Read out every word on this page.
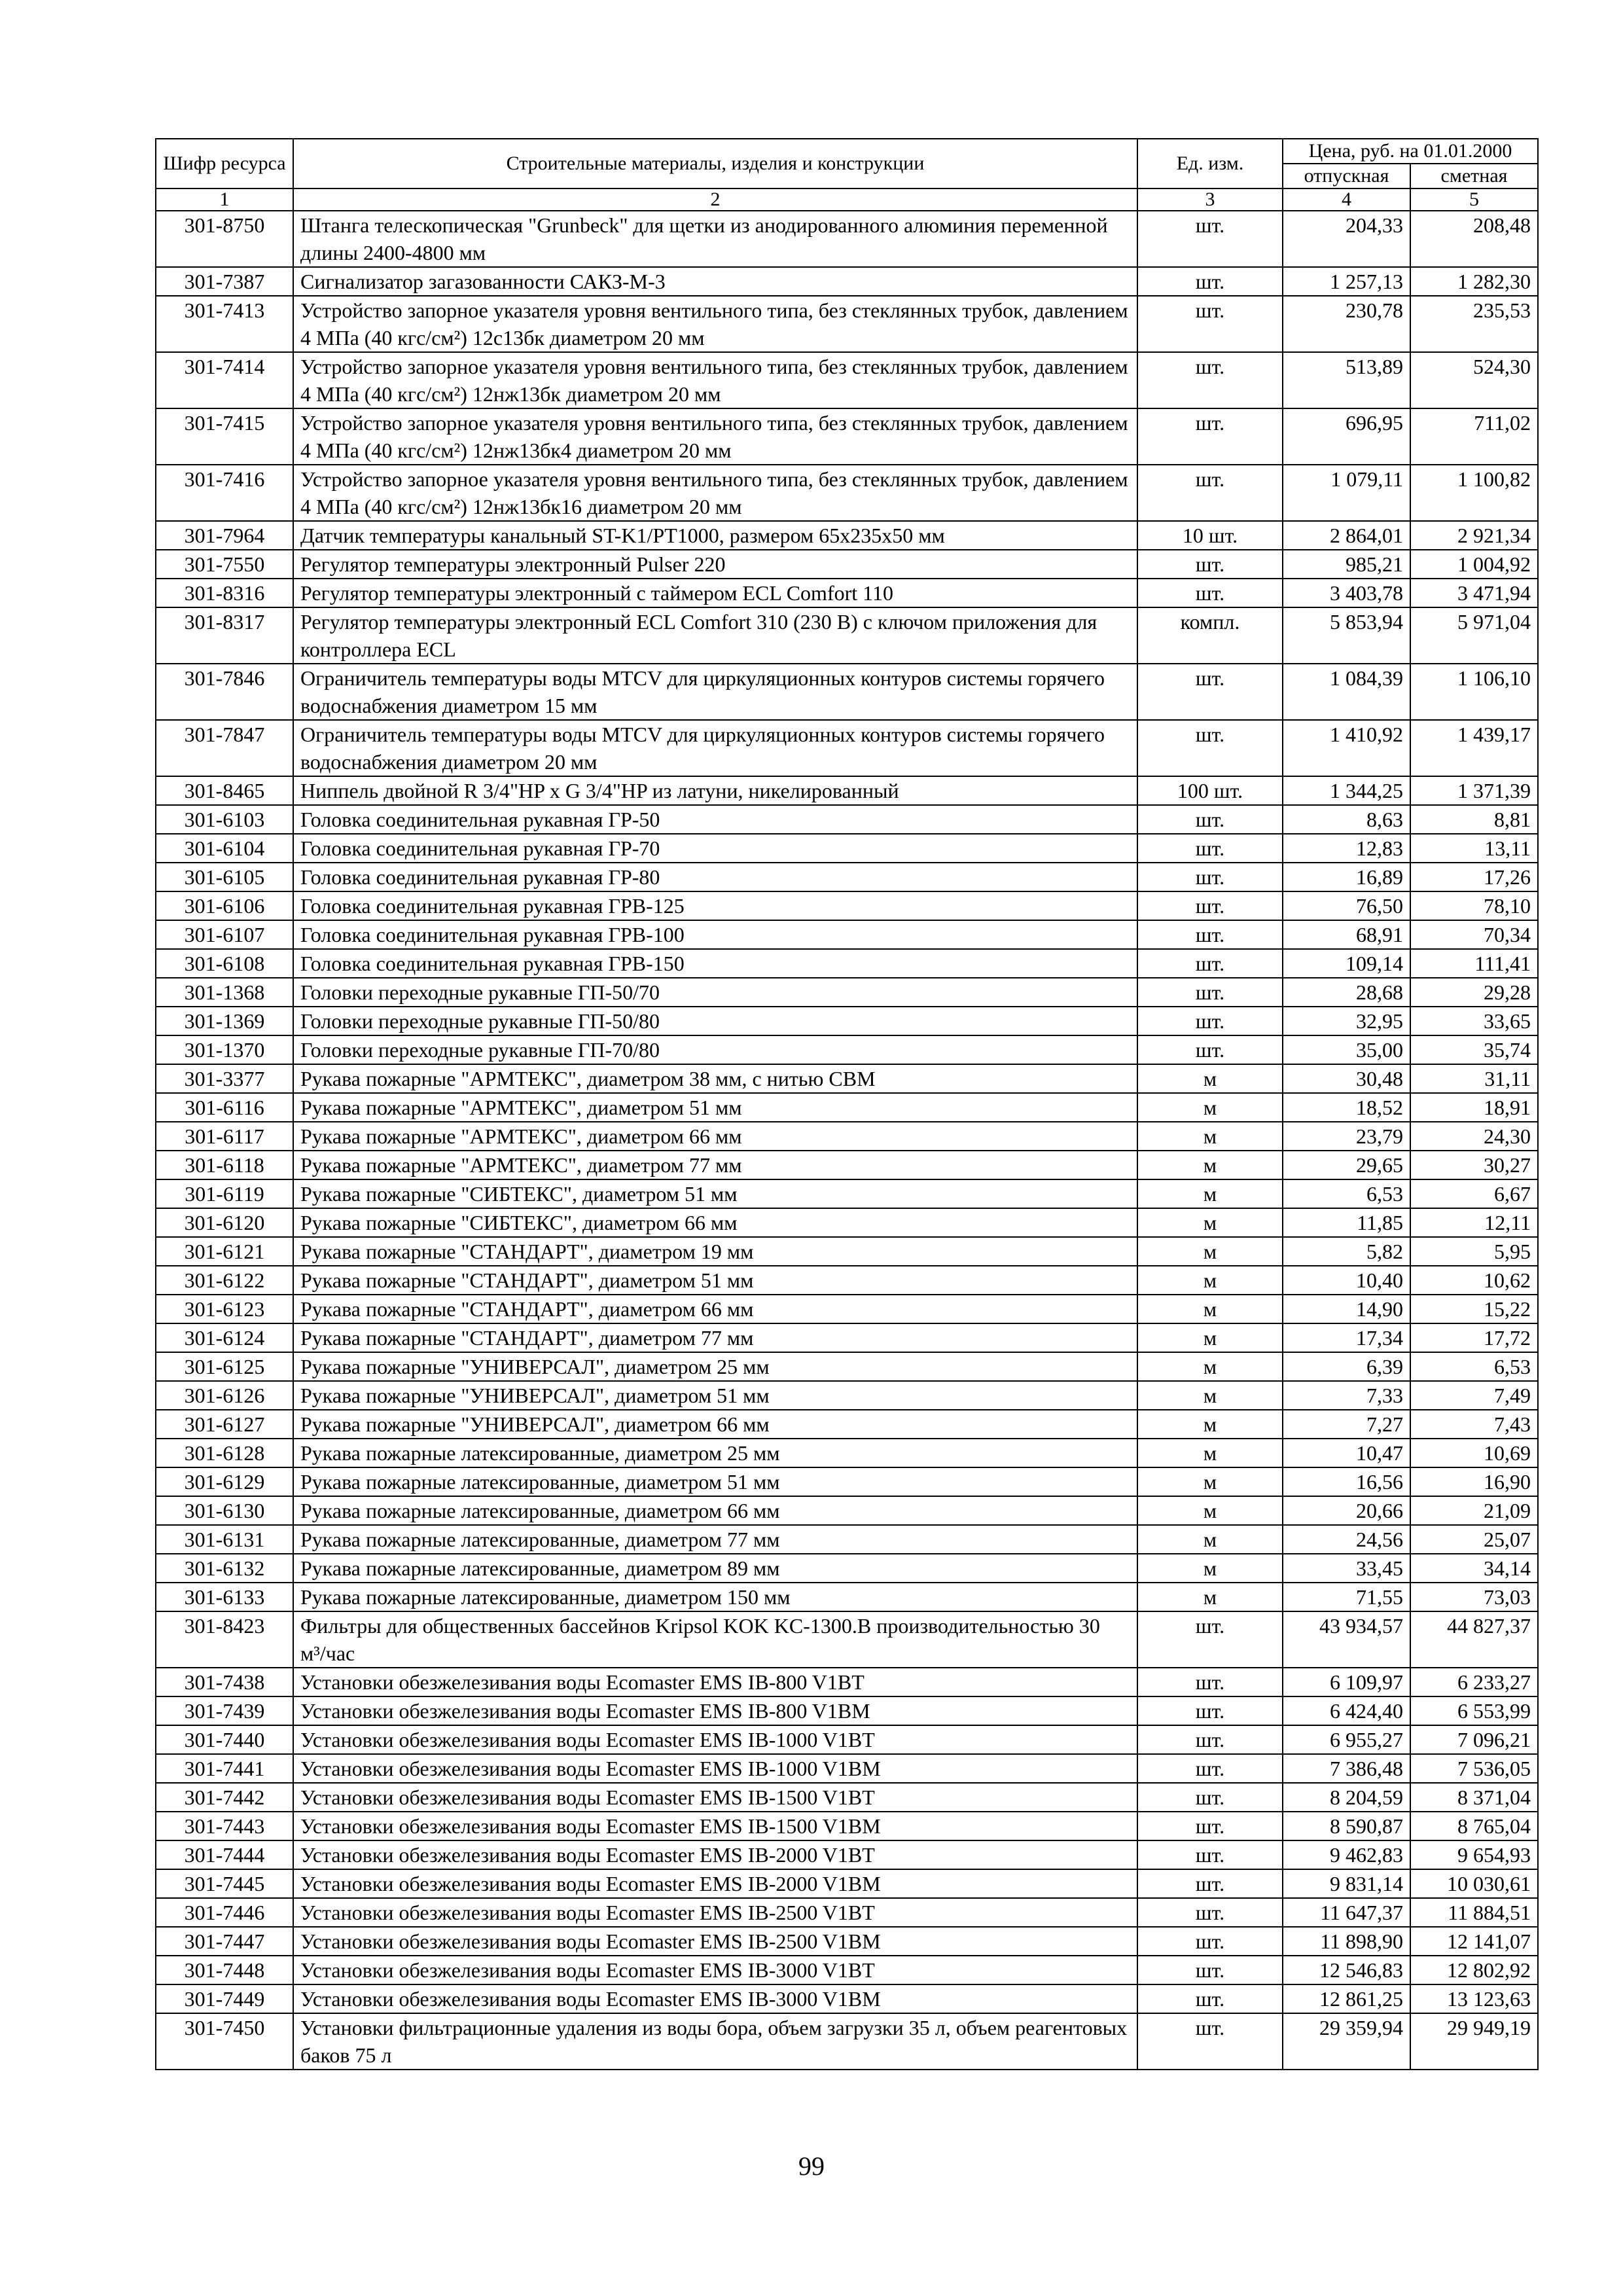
Шифр ресурса	Строительные материалы, изделия и конструкции	Ед. изм.	Цена, руб. на 01.01.2000	
			отпускная	сметная
1	2	3	4	5
301-8750	Штанга телескопическая "Grunbeck" для щетки из анодированного алюминия переменной длины 2400-4800 мм	шт.	204,33	208,48
301-7387	Сигнализатор загазованности САКЗ-М-3	шт.	1 257,13	1 282,30
301-7413	Устройство запорное указателя уровня вентильного типа, без стеклянных трубок, давлением 4 МПа (40 кгс/см²) 12с13бк диаметром 20 мм	шт.	230,78	235,53
301-7414	Устройство запорное указателя уровня вентильного типа, без стеклянных трубок, давлением 4 МПа (40 кгс/см²) 12нж13бк диаметром 20 мм	шт.	513,89	524,30
301-7415	Устройство запорное указателя уровня вентильного типа, без стеклянных трубок, давлением 4 МПа (40 кгс/см²) 12нж13бк4 диаметром 20 мм	шт.	696,95	711,02
301-7416	Устройство запорное указателя уровня вентильного типа, без стеклянных трубок, давлением 4 МПа (40 кгс/см²) 12нж13бк16 диаметром 20 мм	шт.	1 079,11	1 100,82
301-7964	Датчик температуры канальный ST-K1/PT1000, размером 65x235x50 мм	10 шт.	2 864,01	2 921,34
301-7550	Регулятор температуры электронный Pulser 220	шт.	985,21	1 004,92
301-8316	Регулятор температуры электронный с таймером ECL Comfort 110	шт.	3 403,78	3 471,94
301-8317	Регулятор температуры электронный ECL Comfort 310 (230 В) с ключом приложения для контроллера ECL	компл.	5 853,94	5 971,04
301-7846	Ограничитель температуры воды MTCV для циркуляционных контуров системы горячего водоснабжения диаметром 15 мм	шт.	1 084,39	1 106,10
301-7847	Ограничитель температуры воды MTCV для циркуляционных контуров системы горячего водоснабжения диаметром 20 мм	шт.	1 410,92	1 439,17
301-8465	Ниппель двойной R 3/4"HP x G 3/4"HP из латуни, никелированный	100 шт.	1 344,25	1 371,39
301-6103	Головка соединительная рукавная ГР-50	шт.	8,63	8,81
301-6104	Головка соединительная рукавная ГР-70	шт.	12,83	13,11
301-6105	Головка соединительная рукавная ГР-80	шт.	16,89	17,26
301-6106	Головка соединительная рукавная ГРВ-125	шт.	76,50	78,10
301-6107	Головка соединительная рукавная ГРВ-100	шт.	68,91	70,34
301-6108	Головка соединительная рукавная ГРВ-150	шт.	109,14	111,41
301-1368	Головки переходные рукавные ГП-50/70	шт.	28,68	29,28
301-1369	Головки переходные рукавные ГП-50/80	шт.	32,95	33,65
301-1370	Головки переходные рукавные ГП-70/80	шт.	35,00	35,74
301-3377	Рукава пожарные "АРМТЕКС", диаметром 38 мм, с нитью СВМ	м	30,48	31,11
301-6116	Рукава пожарные "АРМТЕКС", диаметром 51 мм	м	18,52	18,91
301-6117	Рукава пожарные "АРМТЕКС", диаметром 66 мм	м	23,79	24,30
301-6118	Рукава пожарные "АРМТЕКС", диаметром 77 мм	м	29,65	30,27
301-6119	Рукава пожарные "СИБТЕКС", диаметром 51 мм	м	6,53	6,67
301-6120	Рукава пожарные "СИБТЕКС", диаметром 66 мм	м	11,85	12,11
301-6121	Рукава пожарные "СТАНДАРТ", диаметром 19 мм	м	5,82	5,95
301-6122	Рукава пожарные "СТАНДАРТ", диаметром 51 мм	м	10,40	10,62
301-6123	Рукава пожарные "СТАНДАРТ", диаметром 66 мм	м	14,90	15,22
301-6124	Рукава пожарные "СТАНДАРТ", диаметром 77 мм	м	17,34	17,72
301-6125	Рукава пожарные "УНИВЕРСАЛ", диаметром 25 мм	м	6,39	6,53
301-6126	Рукава пожарные "УНИВЕРСАЛ", диаметром 51 мм	м	7,33	7,49
301-6127	Рукава пожарные "УНИВЕРСАЛ", диаметром 66 мм	м	7,27	7,43
301-6128	Рукава пожарные латексированные, диаметром 25 мм	м	10,47	10,69
301-6129	Рукава пожарные латексированные, диаметром 51 мм	м	16,56	16,90
301-6130	Рукава пожарные латексированные, диаметром 66 мм	м	20,66	21,09
301-6131	Рукава пожарные латексированные, диаметром 77 мм	м	24,56	25,07
301-6132	Рукава пожарные латексированные, диаметром 89 мм	м	33,45	34,14
301-6133	Рукава пожарные латексированные, диаметром 150 мм	м	71,55	73,03
301-8423	Фильтры для общественных бассейнов Kripsol KOK KC-1300.B производительностью 30 м³/час	шт.	43 934,57	44 827,37
301-7438	Установки обезжелезивания воды Ecomaster EMS IB-800 V1BT	шт.	6 109,97	6 233,27
301-7439	Установки обезжелезивания воды Ecomaster EMS IB-800 V1BM	шт.	6 424,40	6 553,99
301-7440	Установки обезжелезивания воды Ecomaster EMS IB-1000 V1BT	шт.	6 955,27	7 096,21
301-7441	Установки обезжелезивания воды Ecomaster EMS IB-1000 V1BM	шт.	7 386,48	7 536,05
301-7442	Установки обезжелезивания воды Ecomaster EMS IB-1500 V1BT	шт.	8 204,59	8 371,04
301-7443	Установки обезжелезивания воды Ecomaster EMS IB-1500 V1BM	шт.	8 590,87	8 765,04
301-7444	Установки обезжелезивания воды Ecomaster EMS IB-2000 V1BT	шт.	9 462,83	9 654,93
301-7445	Установки обезжелезивания воды Ecomaster EMS IB-2000 V1BM	шт.	9 831,14	10 030,61
301-7446	Установки обезжелезивания воды Ecomaster EMS IB-2500 V1BT	шт.	11 647,37	11 884,51
301-7447	Установки обезжелезивания воды Ecomaster EMS IB-2500 V1BM	шт.	11 898,90	12 141,07
301-7448	Установки обезжелезивания воды Ecomaster EMS IB-3000 V1BT	шт.	12 546,83	12 802,92
301-7449	Установки обезжелезивания воды Ecomaster EMS IB-3000 V1BM	шт.	12 861,25	13 123,63
301-7450	Установки фильтрационные удаления из воды бора, объем загрузки 35 л, объем реагентовых баков 75 л	шт.	29 359,94	29 949,19
99
